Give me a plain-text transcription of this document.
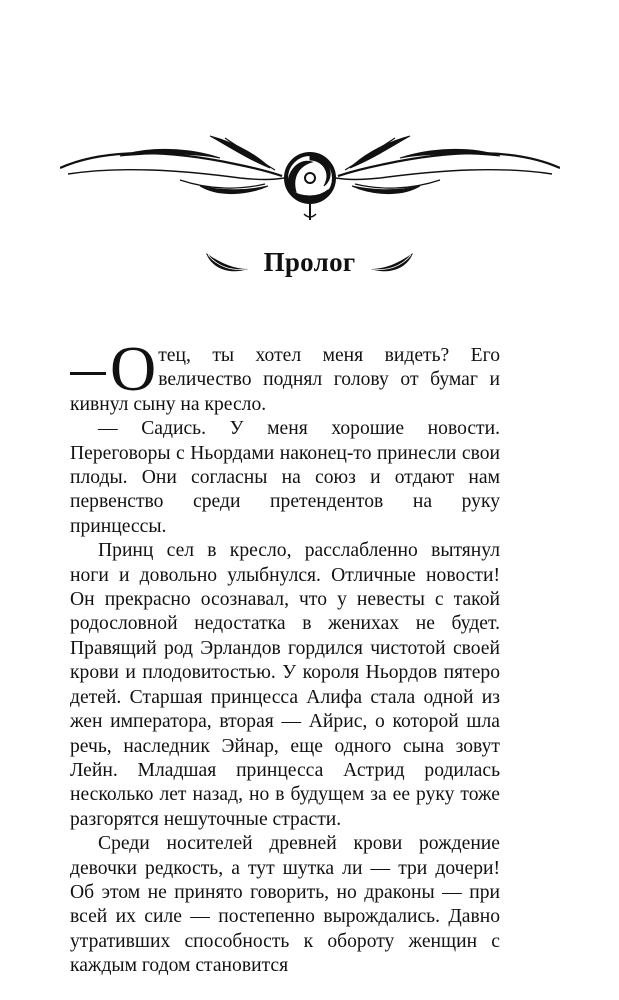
Пролог

О тец, ты хотел меня видеть? Его величество поднял голову от бумаг и кивнул сыну на кресло.

— Садись. У меня хорошие новости. Переговоры с Ньордами наконец-то принесли свои плоды. Они согласны на союз и отдают нам первенство среди претендентов на руку принцессы.

Принц сел в кресло, расслабленно вытянул ноги и довольно улыбнулся. Отличные новости! Он прекрасно осознавал, что у невесты с такой родословной недостатка в женихах не будет. Правящий род Эрландов гордился чистотой своей крови и плодовитостью. У короля Ньордов пятеро детей. Старшая принцесса Алифа стала одной из жен императора, вторая — Айрис, о которой шла речь, наследник Эйнар, еще одного сына зовут Лейн. Младшая принцесса Астрид родилась несколько лет назад, но в будущем за ее руку тоже разгорятся нешуточные страсти.

Среди носителей древней крови рождение девочки редкость, а тут шутка ли — три дочери! Об этом не принято говорить, но драконы — при всей их силе — постепенно вырождались. Давно утративших способность к обороту женщин с каждым годом становится
